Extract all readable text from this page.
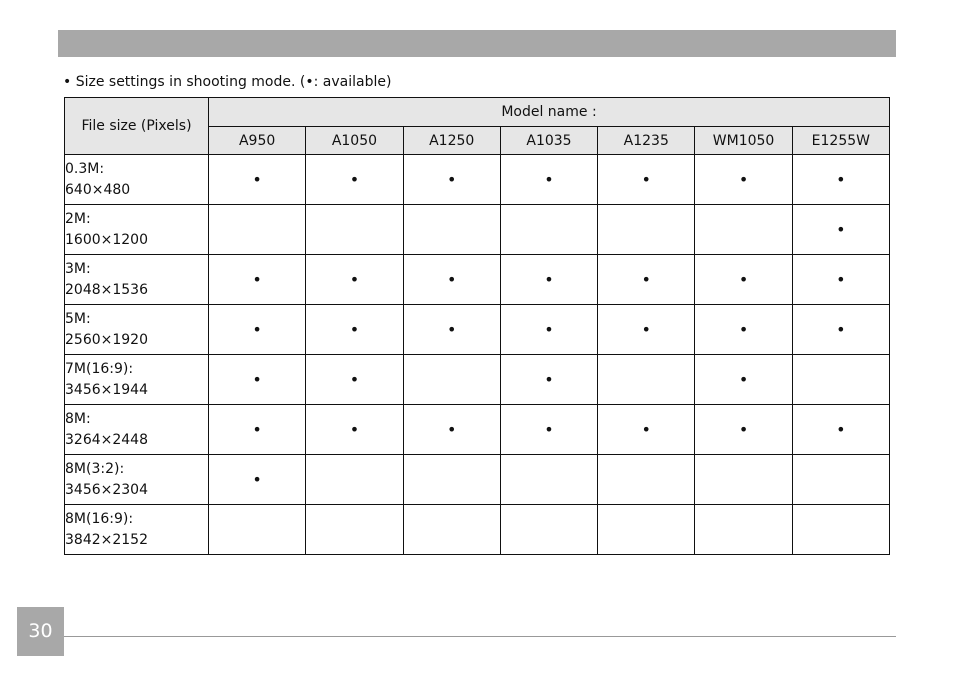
• Size settings in shooting mode. (•: available)
File size (Pixels)	Model name :						
	A950	A1050	A1250	A1035	A1235	WM1050	E1255W

0.3M:
640×480	•	•	•	•	•	•	•

2M:
1600×1200							•

3M:
2048×1536	•	•	•	•	•	•	•

5M:
2560×1920	•	•	•	•	•	•	•

7M(16:9):
3456×1944	•	•		•		•	

8M:
3264×2448	•	•	•	•	•	•	•

8M(3:2):
3456×2304	•						

8M(16:9):
3842×2152							

30
